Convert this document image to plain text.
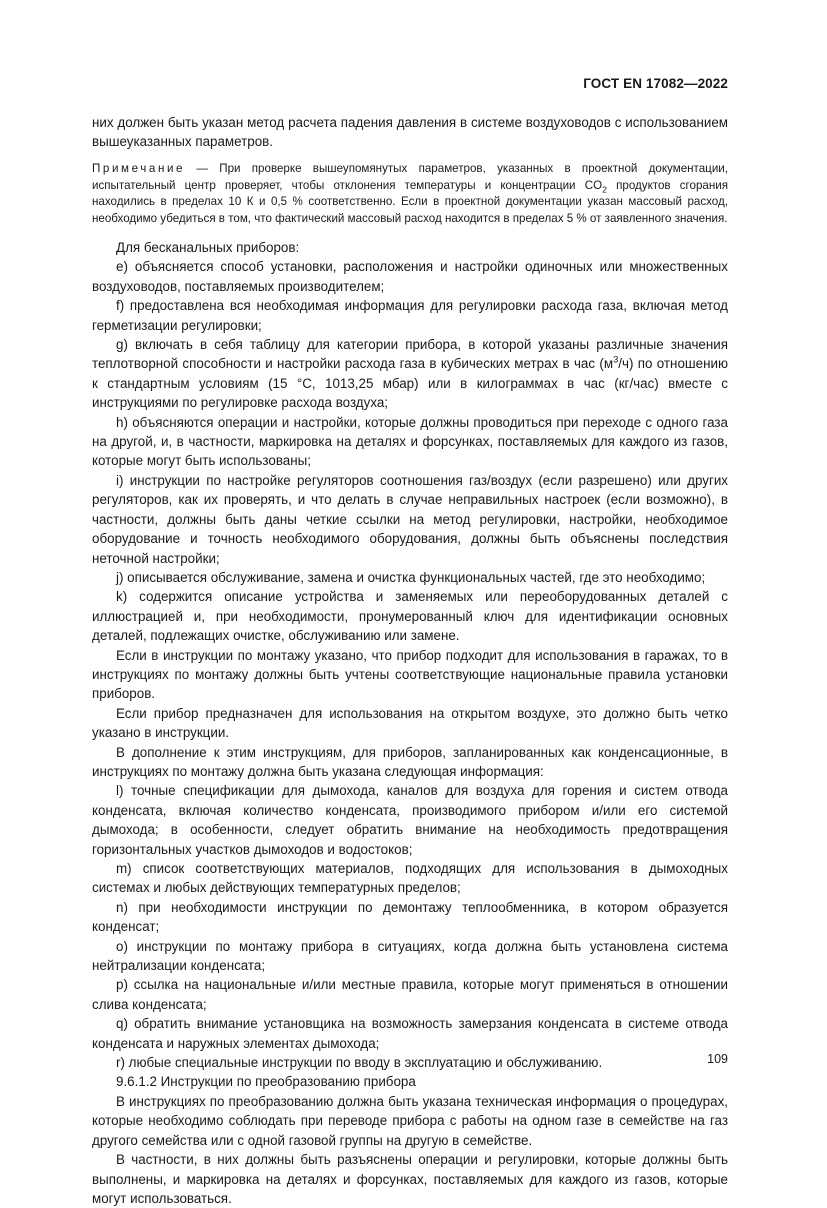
ГОСТ EN 17082—2022

них должен быть указан метод расчета падения давления в системе воздуховодов с использованием вышеуказанных параметров.

Примечание — При проверке вышеупомянутых параметров, указанных в проектной документации, испытательный центр проверяет, чтобы отклонения температуры и концентрации $CO_2$ продуктов сгорания находились в пределах 10 К и 0,5 % соответственно. Если в проектной документации указан массовый расход, необходимо убедиться в том, что фактический массовый расход находится в пределах 5 % от заявленного значения.

Для бесканальных приборов:

е) объясняется способ установки, расположения и настройки одиночных или множественных воздуховодов, поставляемых производителем;

f) предоставлена вся необходимая информация для регулировки расхода газа, включая метод герметизации регулировки;

g) включать в себя таблицу для категории прибора, в которой указаны различные значения теплотворной способности и настройки расхода газа в кубических метрах в час $(м^3/ч)$ по отношению к стандартным условиям (15 °С, 1013,25 мбар) или в килограммах в час (кг/час) вместе с инструкциями по регулировке расхода воздуха;

h) объясняются операции и настройки, которые должны проводиться при переходе с одного газа на другой, и, в частности, маркировка на деталях и форсунках, поставляемых для каждого из газов, которые могут быть использованы;

i) инструкции по настройке регуляторов соотношения газ/воздух (если разрешено) или других регуляторов, как их проверять, и что делать в случае неправильных настроек (если возможно), в частности, должны быть даны четкие ссылки на метод регулировки, настройки, необходимое оборудование и точность необходимого оборудования, должны быть объяснены последствия неточной настройки;

j) описывается обслуживание, замена и очистка функциональных частей, где это необходимо;

k) содержится описание устройства и заменяемых или переоборудованных деталей с иллюстрацией и, при необходимости, пронумерованный ключ для идентификации основных деталей, подлежащих очистке, обслуживанию или замене.

Если в инструкции по монтажу указано, что прибор подходит для использования в гаражах, то в инструкциях по монтажу должны быть учтены соответствующие национальные правила установки приборов.

Если прибор предназначен для использования на открытом воздухе, это должно быть четко указано в инструкции.

В дополнение к этим инструкциям, для приборов, запланированных как конденсационные, в инструкциях по монтажу должна быть указана следующая информация:

l) точные спецификации для дымохода, каналов для воздуха для горения и систем отвода конденсата, включая количество конденсата, производимого прибором и/или его системой дымохода; в особенности, следует обратить внимание на необходимость предотвращения горизонтальных участков дымоходов и водостоков;

m) список соответствующих материалов, подходящих для использования в дымоходных системах и любых действующих температурных пределов;

n) при необходимости инструкции по демонтажу теплообменника, в котором образуется конденсат;

о) инструкции по монтажу прибора в ситуациях, когда должна быть установлена система нейтрализации конденсата;

р) ссылка на национальные и/или местные правила, которые могут применяться в отношении слива конденсата;

q) обратить внимание установщика на возможность замерзания конденсата в системе отвода конденсата и наружных элементах дымохода;

r) любые специальные инструкции по вводу в эксплуатацию и обслуживанию.

9.6.1.2 Инструкции по преобразованию прибора

В инструкциях по преобразованию должна быть указана техническая информация о процедурах, которые необходимо соблюдать при переводе прибора с работы на одном газе в семействе на газ другого семейства или с одной газовой группы на другую в семействе.

В частности, в них должны быть разъяснены операции и регулировки, которые должны быть выполнены, и маркировка на деталях и форсунках, поставляемых для каждого из газов, которые могут использоваться.

109
